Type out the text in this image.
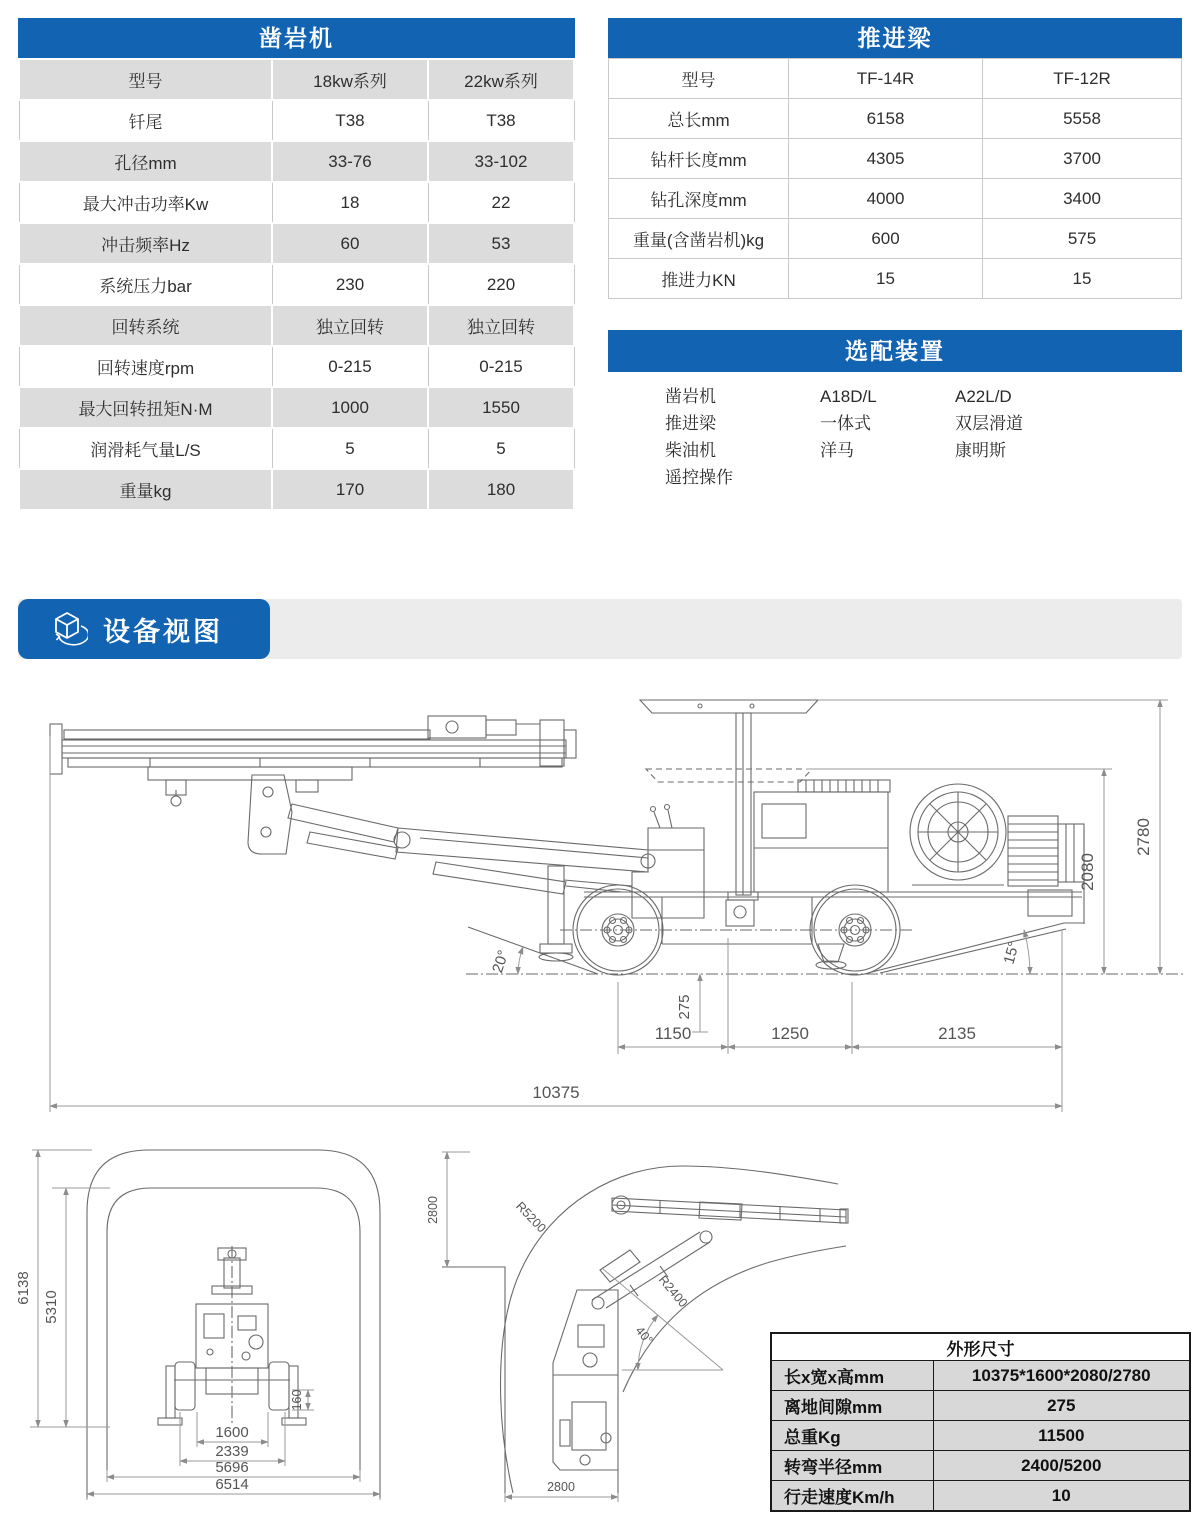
凿岩机
型号	18kw系列	22kw系列
钎尾	T38	T38
孔径mm	33-76	33-102
最大冲击功率Kw	18	22
冲击频率Hz	60	53
系统压力bar	230	220
回转系统	独立回转	独立回转
回转速度rpm	0-215	0-215
最大回转扭矩N·M	1000	1550
润滑耗气量L/S	5	5
重量kg	170	180
推进梁
型号	TF-14R	TF-12R
总长mm	6158	5558
钻杆长度mm	4305	3700
钻孔深度mm	4000	3400
重量(含凿岩机)kg	600	575
推进力KN	15	15
选配装置
凿岩机	A18D/L	A22L/D
推进梁	一体式	双层滑道
柴油机	洋马	康明斯
遥控操作
设备视图
1150	1250	2135
10375
2080
2780
275
20°	15°
6138
5310
160
1600
2339
5696
6514
2800	R5200
R2400
40°
2800
外形尺寸	
长x宽x高mm	10375*1600*2080/2780
离地间隙mm	275
总重Kg	11500
转弯半径mm	2400/5200
行走速度Km/h	10
